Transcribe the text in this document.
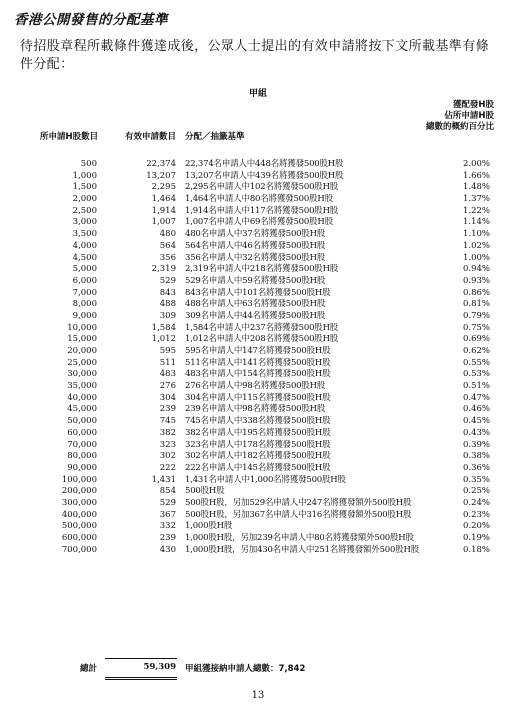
香港公開發售的分配基準
待招股章程所載條件獲達成後，公眾人士提出的有效申請將按下文所載基準有條件分配：
甲組
所申請H股數目	有效申請數目 分配／抽籤基準
獲配發H股
佔所申請H股
總數的概約百分比
500	22,374 22,374名申請人中448名將獲發500股H股	2.00%
1,000	13,207 13,207名申請人中439名將獲發500股H股	1.66%
1,500	2,295 2,295名申請人中102名將獲發500股H股	1.48%
2,000	1,464 1,464名申請人中80名將獲發500股H股	1.37%
2,500	1,914 1,914名申請人中117名將獲發500股H股	1.22%
3,000	1,007 1,007名申請人中69名將獲發500股H股	1.14%
3,500	480 480名申請人中37名將獲發500股H股	1.10%
4,000	564 564名申請人中46名將獲發500股H股	1.02%
4,500	356 356名申請人中32名將獲發500股H股	1.00%
5,000	2,319 2,319名申請人中218名將獲發500股H股	0.94%
6,000	529 529名申請人中59名將獲發500股H股	0.93%
7,000	843 843名申請人中101名將獲發500股H股	0.86%
8,000	488 488名申請人中63名將獲發500股H股	0.81%
9,000	309 309名申請人中44名將獲發500股H股	0.79%
10,000	1,584 1,584名申請人中237名將獲發500股H股	0.75%
15,000	1,012 1,012名申請人中208名將獲發500股H股	0.69%
20,000	595 595名申請人中147名將獲發500股H股	0.62%
25,000	511 511名申請人中141名將獲發500股H股	0.55%
30,000	483 483名申請人中154名將獲發500股H股	0.53%
35,000	276 276名申請人中98名將獲發500股H股	0.51%
40,000	304 304名申請人中115名將獲發500股H股	0.47%
45,000	239 239名申請人中98名將獲發500股H股	0.46%
50,000	745 745名申請人中338名將獲發500股H股	0.45%
60,000	382 382名申請人中195名將獲發500股H股	0.43%
70,000	323 323名申請人中178名將獲發500股H股	0.39%
80,000	302 302名申請人中182名將獲發500股H股	0.38%
90,000	222 222名申請人中145名將獲發500股H股	0.36%
100,000	1,431 1,431名申請人中1,000名將獲發500股H股	0.35%
200,000	854 500股H股	0.25%
300,000	529 500股H股，另加529名申請人中247名將獲發額外500股H股	0.24%
400,000	367 500股H股，另加367名申請人中316名將獲發額外500股H股	0.23%
500,000	332 1,000股H股	0.20%
600,000	239 1,000股H股，另加239名申請人中80名將獲發額外500股H股	0.19%
700,000	430 1,000股H股，另加430名申請人中251名將獲發額外500股H股	0.18%
總計	59,309 甲組獲接納申請人總數：7,842
13
